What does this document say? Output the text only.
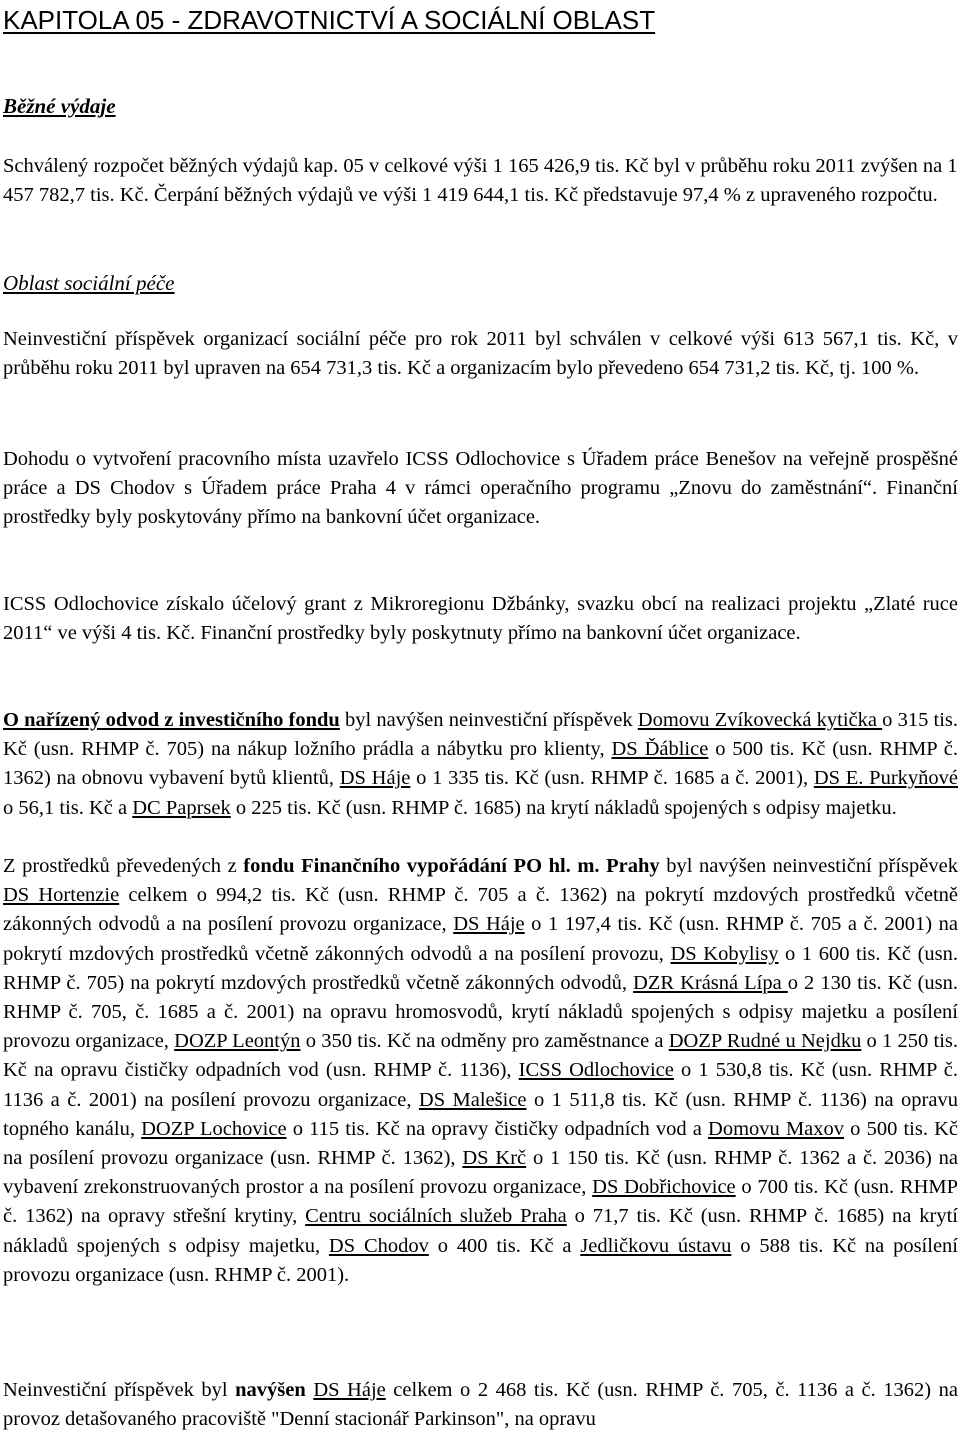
KAPITOLA 05 - ZDRAVOTNICTVÍ A SOCIÁLNÍ OBLAST
Běžné výdaje
Schválený rozpočet běžných výdajů kap. 05 v celkové výši 1 165 426,9 tis. Kč byl v průběhu roku 2011 zvýšen na 1 457 782,7 tis. Kč. Čerpání běžných výdajů ve výši 1 419 644,1 tis. Kč představuje 97,4 % z upraveného rozpočtu.
Oblast sociální péče
Neinvestiční příspěvek organizací sociální péče pro rok 2011 byl schválen v celkové výši 613 567,1 tis. Kč, v průběhu roku 2011 byl upraven na 654 731,3 tis. Kč a organizacím bylo převedeno 654 731,2 tis. Kč, tj. 100 %.
Dohodu o vytvoření pracovního místa uzavřelo ICSS Odlochovice s Úřadem práce Benešov na veřejně prospěšné práce a DS Chodov s Úřadem práce Praha 4 v rámci operačního programu „Znovu do zaměstnání“. Finanční prostředky byly poskytovány přímo na bankovní účet organizace.
ICSS Odlochovice získalo účelový grant z Mikroregionu Džbánky, svazku obcí na realizaci projektu „Zlaté ruce 2011“ ve výši 4 tis. Kč. Finanční prostředky byly poskytnuty přímo na bankovní účet organizace.
O nařízený odvod z investičního fondu byl navýšen neinvestiční příspěvek Domovu Zvíkovecká kytička o 315 tis. Kč (usn. RHMP č. 705) na nákup ložního prádla a nábytku pro klienty, DS Ďáblice o 500 tis. Kč (usn. RHMP č. 1362) na obnovu vybavení bytů klientů, DS Háje o 1 335 tis. Kč (usn. RHMP č. 1685 a č. 2001), DS E. Purkyňové o 56,1 tis. Kč a DC Paprsek o 225 tis. Kč (usn. RHMP č. 1685) na krytí nákladů spojených s odpisy majetku.
Z prostředků převedených z fondu Finančního vypořádání PO hl. m. Prahy byl navýšen neinvestiční příspěvek DS Hortenzie celkem o 994,2 tis. Kč (usn. RHMP č. 705 a č. 1362) na pokrytí mzdových prostředků včetně zákonných odvodů a na posílení provozu organizace, DS Háje o 1 197,4 tis. Kč (usn. RHMP č. 705 a č. 2001) na pokrytí mzdových prostředků včetně zákonných odvodů a na posílení provozu, DS Kobylisy o 1 600 tis. Kč (usn. RHMP č. 705) na pokrytí mzdových prostředků včetně zákonných odvodů, DZR Krásná Lípa o 2 130 tis. Kč (usn. RHMP č. 705, č. 1685 a č. 2001) na opravu hromosvodů, krytí nákladů spojených s odpisy majetku a posílení provozu organizace, DOZP Leontýn o 350 tis. Kč na odměny pro zaměstnance a DOZP Rudné u Nejdku o 1 250 tis. Kč na opravu čističky odpadních vod (usn. RHMP č. 1136), ICSS Odlochovice o 1 530,8 tis. Kč (usn. RHMP č. 1136 a č. 2001) na posílení provozu organizace, DS Malešice o 1 511,8 tis. Kč (usn. RHMP č. 1136) na opravu topného kanálu, DOZP Lochovice o 115 tis. Kč na opravy čističky odpadních vod a Domovu Maxov o 500 tis. Kč na posílení provozu organizace (usn. RHMP č. 1362), DS Krč o 1 150 tis. Kč (usn. RHMP č. 1362 a č. 2036) na vybavení zrekonstruovaných prostor a na posílení provozu organizace, DS Dobřichovice o 700 tis. Kč (usn. RHMP č. 1362) na opravy střešní krytiny, Centru sociálních služeb Praha o 71,7 tis. Kč (usn. RHMP č. 1685) na krytí nákladů spojených s odpisy majetku, DS Chodov o 400 tis. Kč a Jedličkovu ústavu o 588 tis. Kč na posílení provozu organizace (usn. RHMP č. 2001).
Neinvestiční příspěvek byl navýšen DS Háje celkem o 2 468 tis. Kč (usn. RHMP č. 705, č. 1136 a č. 1362) na provoz detašovaného pracoviště "Denní stacionář Parkinson", na opravu
